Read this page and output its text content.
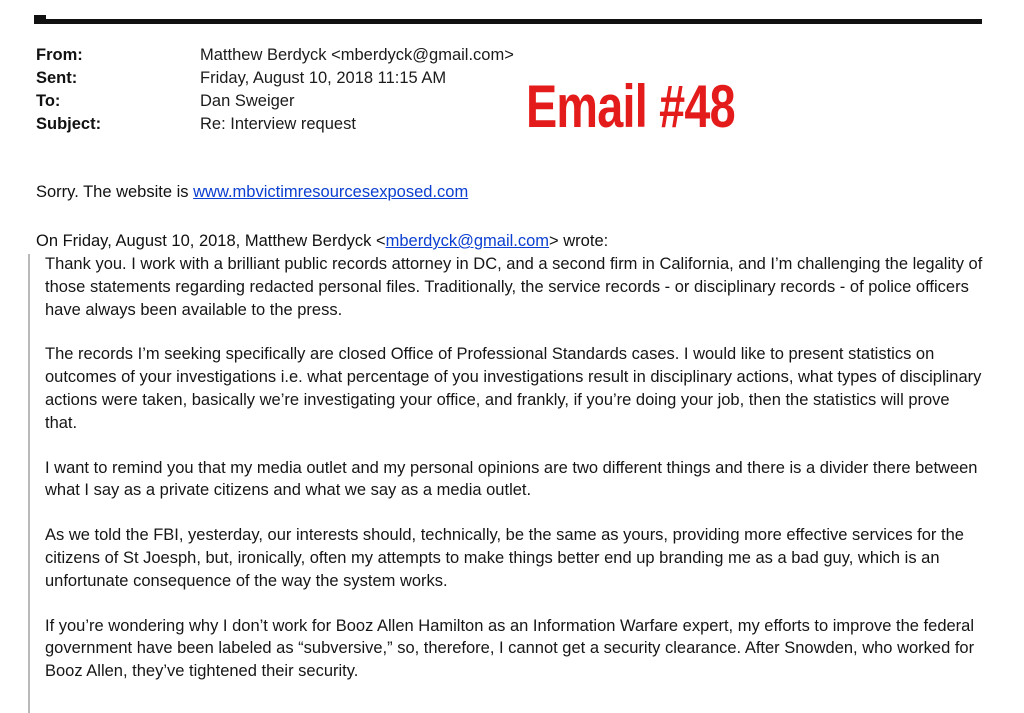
From:	Matthew Berdyck <mberdyck@gmail.com>
Sent:	Friday, August 10, 2018 11:15 AM
To:	Dan Sweiger
Subject:	Re: Interview request	Email #48
Sorry. The website is www.mbvictimresourcesexposed.com
On Friday, August 10, 2018, Matthew Berdyck <mberdyck@gmail.com> wrote:

Thank you. I work with a brilliant public records attorney in DC, and a second firm in California, and I’m challenging the legality of those statements regarding redacted personal files. Traditionally, the service records - or disciplinary records - of police officers have always been available to the press.

The records I’m seeking specifically are closed Office of Professional Standards cases. I would like to present statistics on outcomes of your investigations i.e. what percentage of you investigations result in disciplinary actions, what types of disciplinary actions were taken, basically we’re investigating your office, and frankly, if you’re doing your job, then the statistics will prove that.

I want to remind you that my media outlet and my personal opinions are two different things and there is a divider there between what I say as a private citizens and what we say as a media outlet.

As we told the FBI, yesterday, our interests should, technically, be the same as yours, providing more effective services for the citizens of St Joesph, but, ironically, often my attempts to make things better end up branding me as a bad guy, which is an unfortunate consequence of the way the system works.

If you’re wondering why I don’t work for Booz Allen Hamilton as an Information Warfare expert, my efforts to improve the federal government have been labeled as “subversive,” so, therefore, I cannot get a security clearance. After Snowden, who worked for Booz Allen, they’ve tightened their security.
